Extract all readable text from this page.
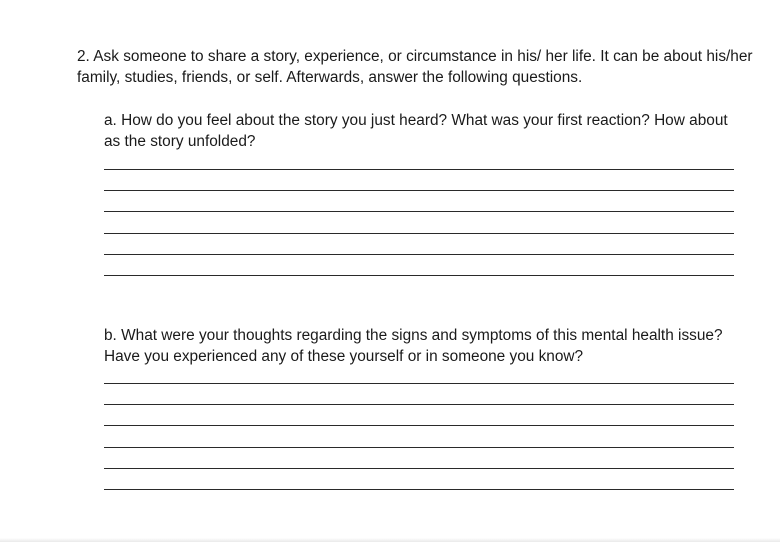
2. Ask someone to share a story, experience, or circumstance in his/ her life. It can be about his/her family, studies, friends, or self. Afterwards, answer the following questions.

a. How do you feel about the story you just heard? What was your first reaction? How about as the story unfolded?

b. What were your thoughts regarding the signs and symptoms of this mental health issue? Have you experienced any of these yourself or in someone you know?
